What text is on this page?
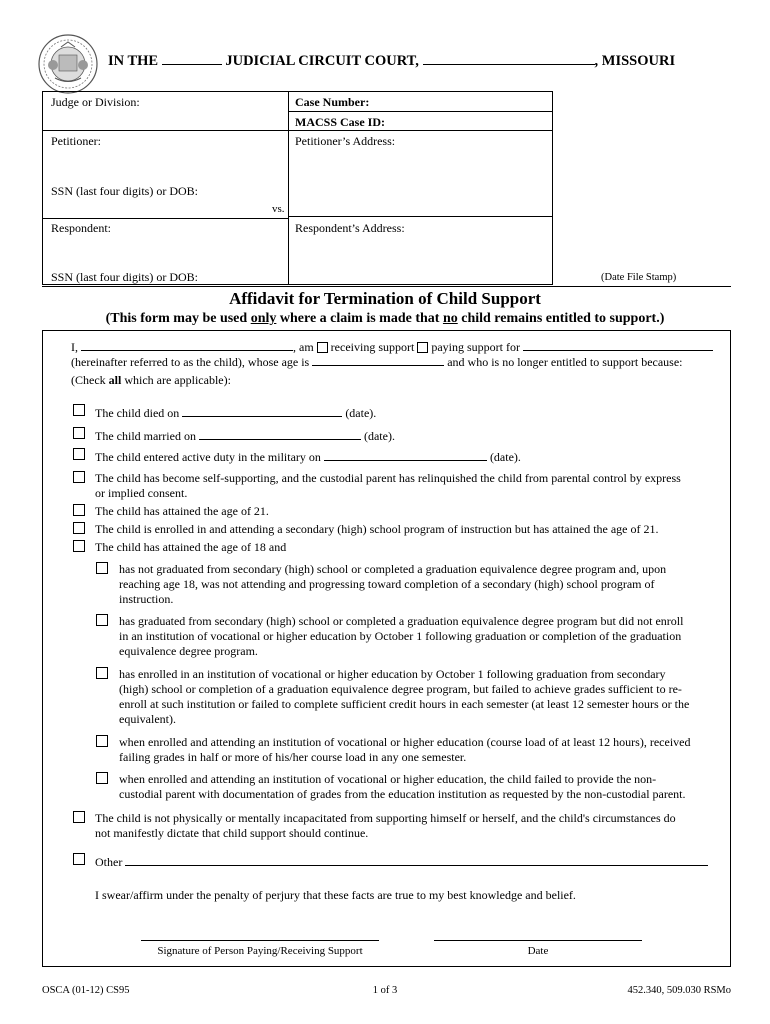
IN THE	JUDICIAL CIRCUIT COURT,	, MISSOURI
Judge or Division:	Case Number:
MACSS Case ID:
Petitioner:	Petitioner’s Address:
SSN (last four digits) or DOB:
vs.
Respondent:	Respondent’s Address:
SSN (last four digits) or DOB:	(Date File Stamp)
Affidavit for Termination of Child Support
(This form may be used only where a claim is made that no child remains entitled to support.)
I,	, am receiving support paying support for
(hereinafter referred to as the child), whose age is	and who is no longer entitled to support because:
(Check all which are applicable):
The child died on	(date).
The child married on	(date).
The child entered active duty in the military on	(date).
The child has become self-supporting, and the custodial parent has relinquished the child from parental control by express
or implied consent.
The child has attained the age of 21.
The child is enrolled in and attending a secondary (high) school program of instruction but has attained the age of 21.
The child has attained the age of 18 and
has not graduated from secondary (high) school or completed a graduation equivalence degree program and, upon
reaching age 18, was not attending and progressing toward completion of a secondary (high) school program of
instruction.
has graduated from secondary (high) school or completed a graduation equivalence degree program but did not enroll
in an institution of vocational or higher education by October 1 following graduation or completion of the graduation
equivalence degree program.
has enrolled in an institution of vocational or higher education by October 1 following graduation from secondary
(high) school or completion of a graduation equivalence degree program, but failed to achieve grades sufficient to re-
enroll at such institution or failed to complete sufficient credit hours in each semester (at least 12 semester hours or the
equivalent).
when enrolled and attending an institution of vocational or higher education (course load of at least 12 hours), received
failing grades in half or more of his/her course load in any one semester.
when enrolled and attending an institution of vocational or higher education, the child failed to provide the non-
custodial parent with documentation of grades from the education institution as requested by the non-custodial parent.
The child is not physically or mentally incapacitated from supporting himself or herself, and the child's circumstances do
not manifestly dictate that child support should continue.
Other
I swear/affirm under the penalty of perjury that these facts are true to my best knowledge and belief.
Signature of Person Paying/Receiving Support	Date
OSCA (01-12) CS95	1 of 3	452.340, 509.030 RSMo
